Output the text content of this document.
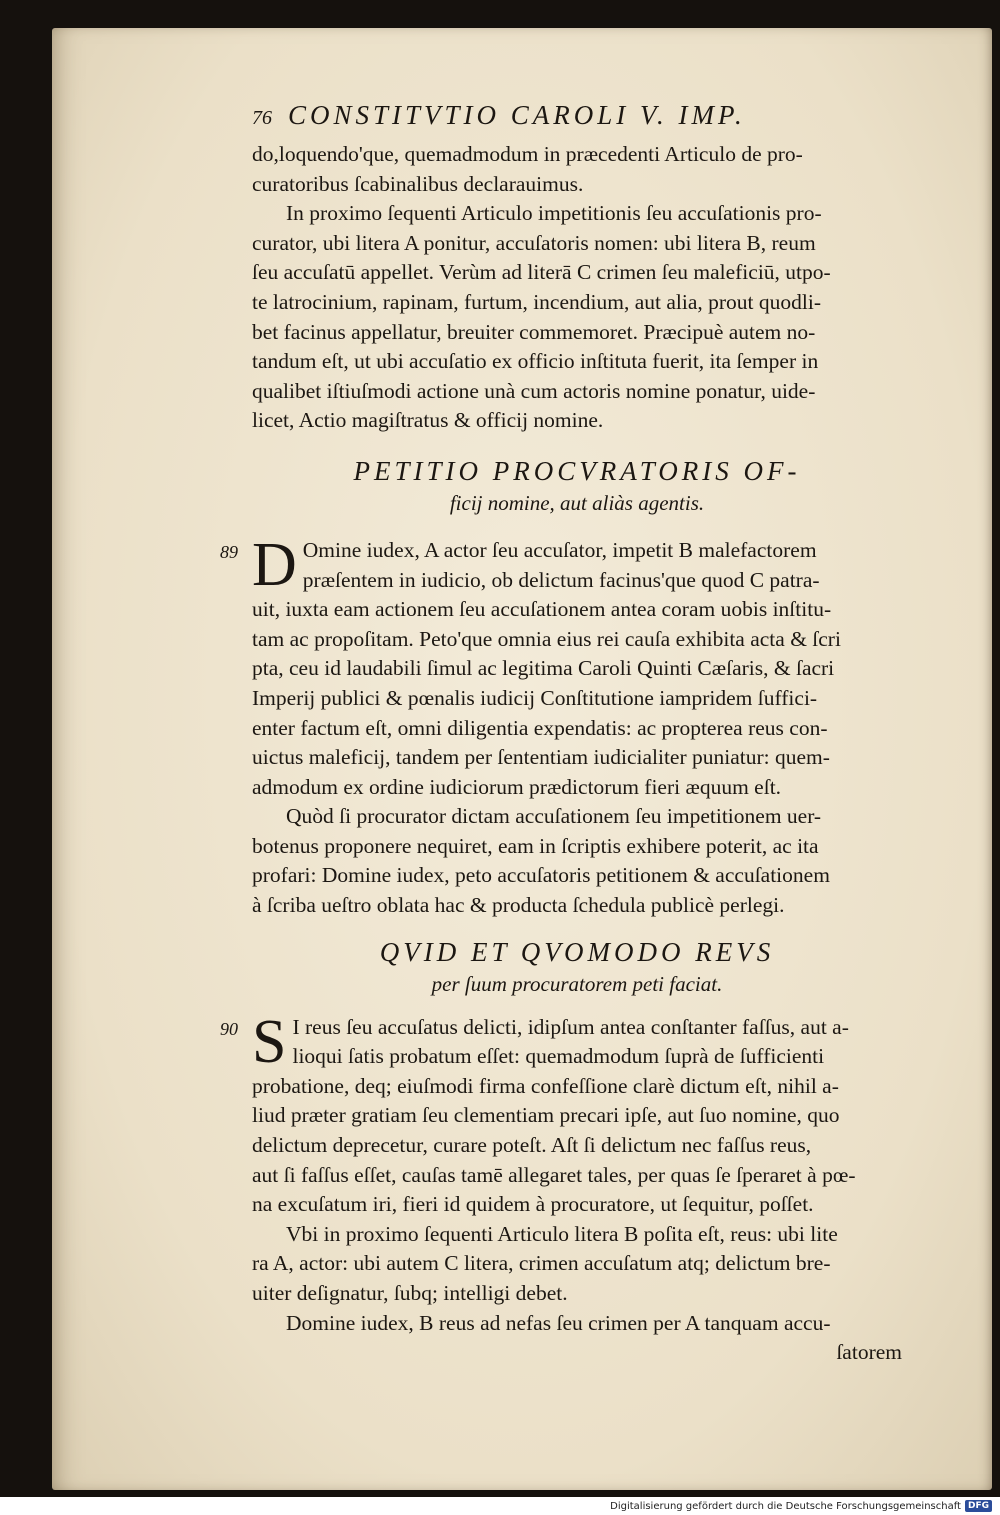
76 CONSTITVTIO CAROLI V. IMP.
do,loquendo'que, quemadmodum in præcedenti Articulo de pro-
curatoribus ſcabinalibus declarauimus.
In proximo ſequenti Articulo impetitionis ſeu accuſationis pro-
curator, ubi litera A ponitur, accuſatoris nomen: ubi litera B, reum
ſeu accuſatū appellet. Verùm ad literā C crimen ſeu maleficiū, utpo-
te latrocinium, rapinam, furtum, incendium, aut alia, prout quodli-
bet facinus appellatur, breuiter commemoret. Præcipuè autem no-
tandum eſt, ut ubi accuſatio ex officio inſtituta fuerit, ita ſemper in
qualibet iſtiuſmodi actione unà cum actoris nomine ponatur, uide-
licet, Actio magiſtratus & officij nomine.
PETITIO PROCVRATORIS OF-
ficij nomine, aut aliàs agentis.
89 D Omine iudex, A actor ſeu accuſator, impetit B malefactorem
præſentem in iudicio, ob delictum facinus'que quod C patra-
uit, iuxta eam actionem ſeu accuſationem antea coram uobis inſtitu-
tam ac propoſitam. Peto'que omnia eius rei cauſa exhibita acta & ſcri
pta, ceu id laudabili ſimul ac legitima Caroli Quinti Cæſaris, & ſacri
Imperij publici & pœnalis iudicij Conſtitutione iampridem ſuffici-
enter factum eſt, omni diligentia expendatis: ac propterea reus con-
uictus maleficij, tandem per ſententiam iudicialiter puniatur: quem-
admodum ex ordine iudiciorum prædictorum fieri æquum eſt.
Quòd ſi procurator dictam accuſationem ſeu impetitionem uer-
botenus proponere nequiret, eam in ſcriptis exhibere poterit, ac ita
profari: Domine iudex, peto accuſatoris petitionem & accuſationem
à ſcriba ueſtro oblata hac & producta ſchedula publicè perlegi.
QVID ET QVOMODO REVS
per ſuum procuratorem peti faciat.
90 S I reus ſeu accuſatus delicti, idipſum antea conſtanter faſſus, aut a-
lioqui ſatis probatum eſſet: quemadmodum ſuprà de ſufficienti
probatione, deq; eiuſmodi firma confeſſione clarè dictum eſt, nihil a-
liud præter gratiam ſeu clementiam precari ipſe, aut ſuo nomine, quo
delictum deprecetur, curare poteſt. Aſt ſi delictum nec faſſus reus,
aut ſi faſſus eſſet, cauſas tamē allegaret tales, per quas ſe ſperaret à pœ-
na excuſatum iri, fieri id quidem à procuratore, ut ſequitur, poſſet.
Vbi in proximo ſequenti Articulo litera B poſita eſt, reus: ubi lite
ra A, actor: ubi autem C litera, crimen accuſatum atq; delictum bre-
uiter deſignatur, ſubq; intelligi debet.
Domine iudex, B reus ad nefas ſeu crimen per A tanquam accu-
ſatorem
Digitalisierung gefördert durch die Deutsche Forschungsgemeinschaft DFG
